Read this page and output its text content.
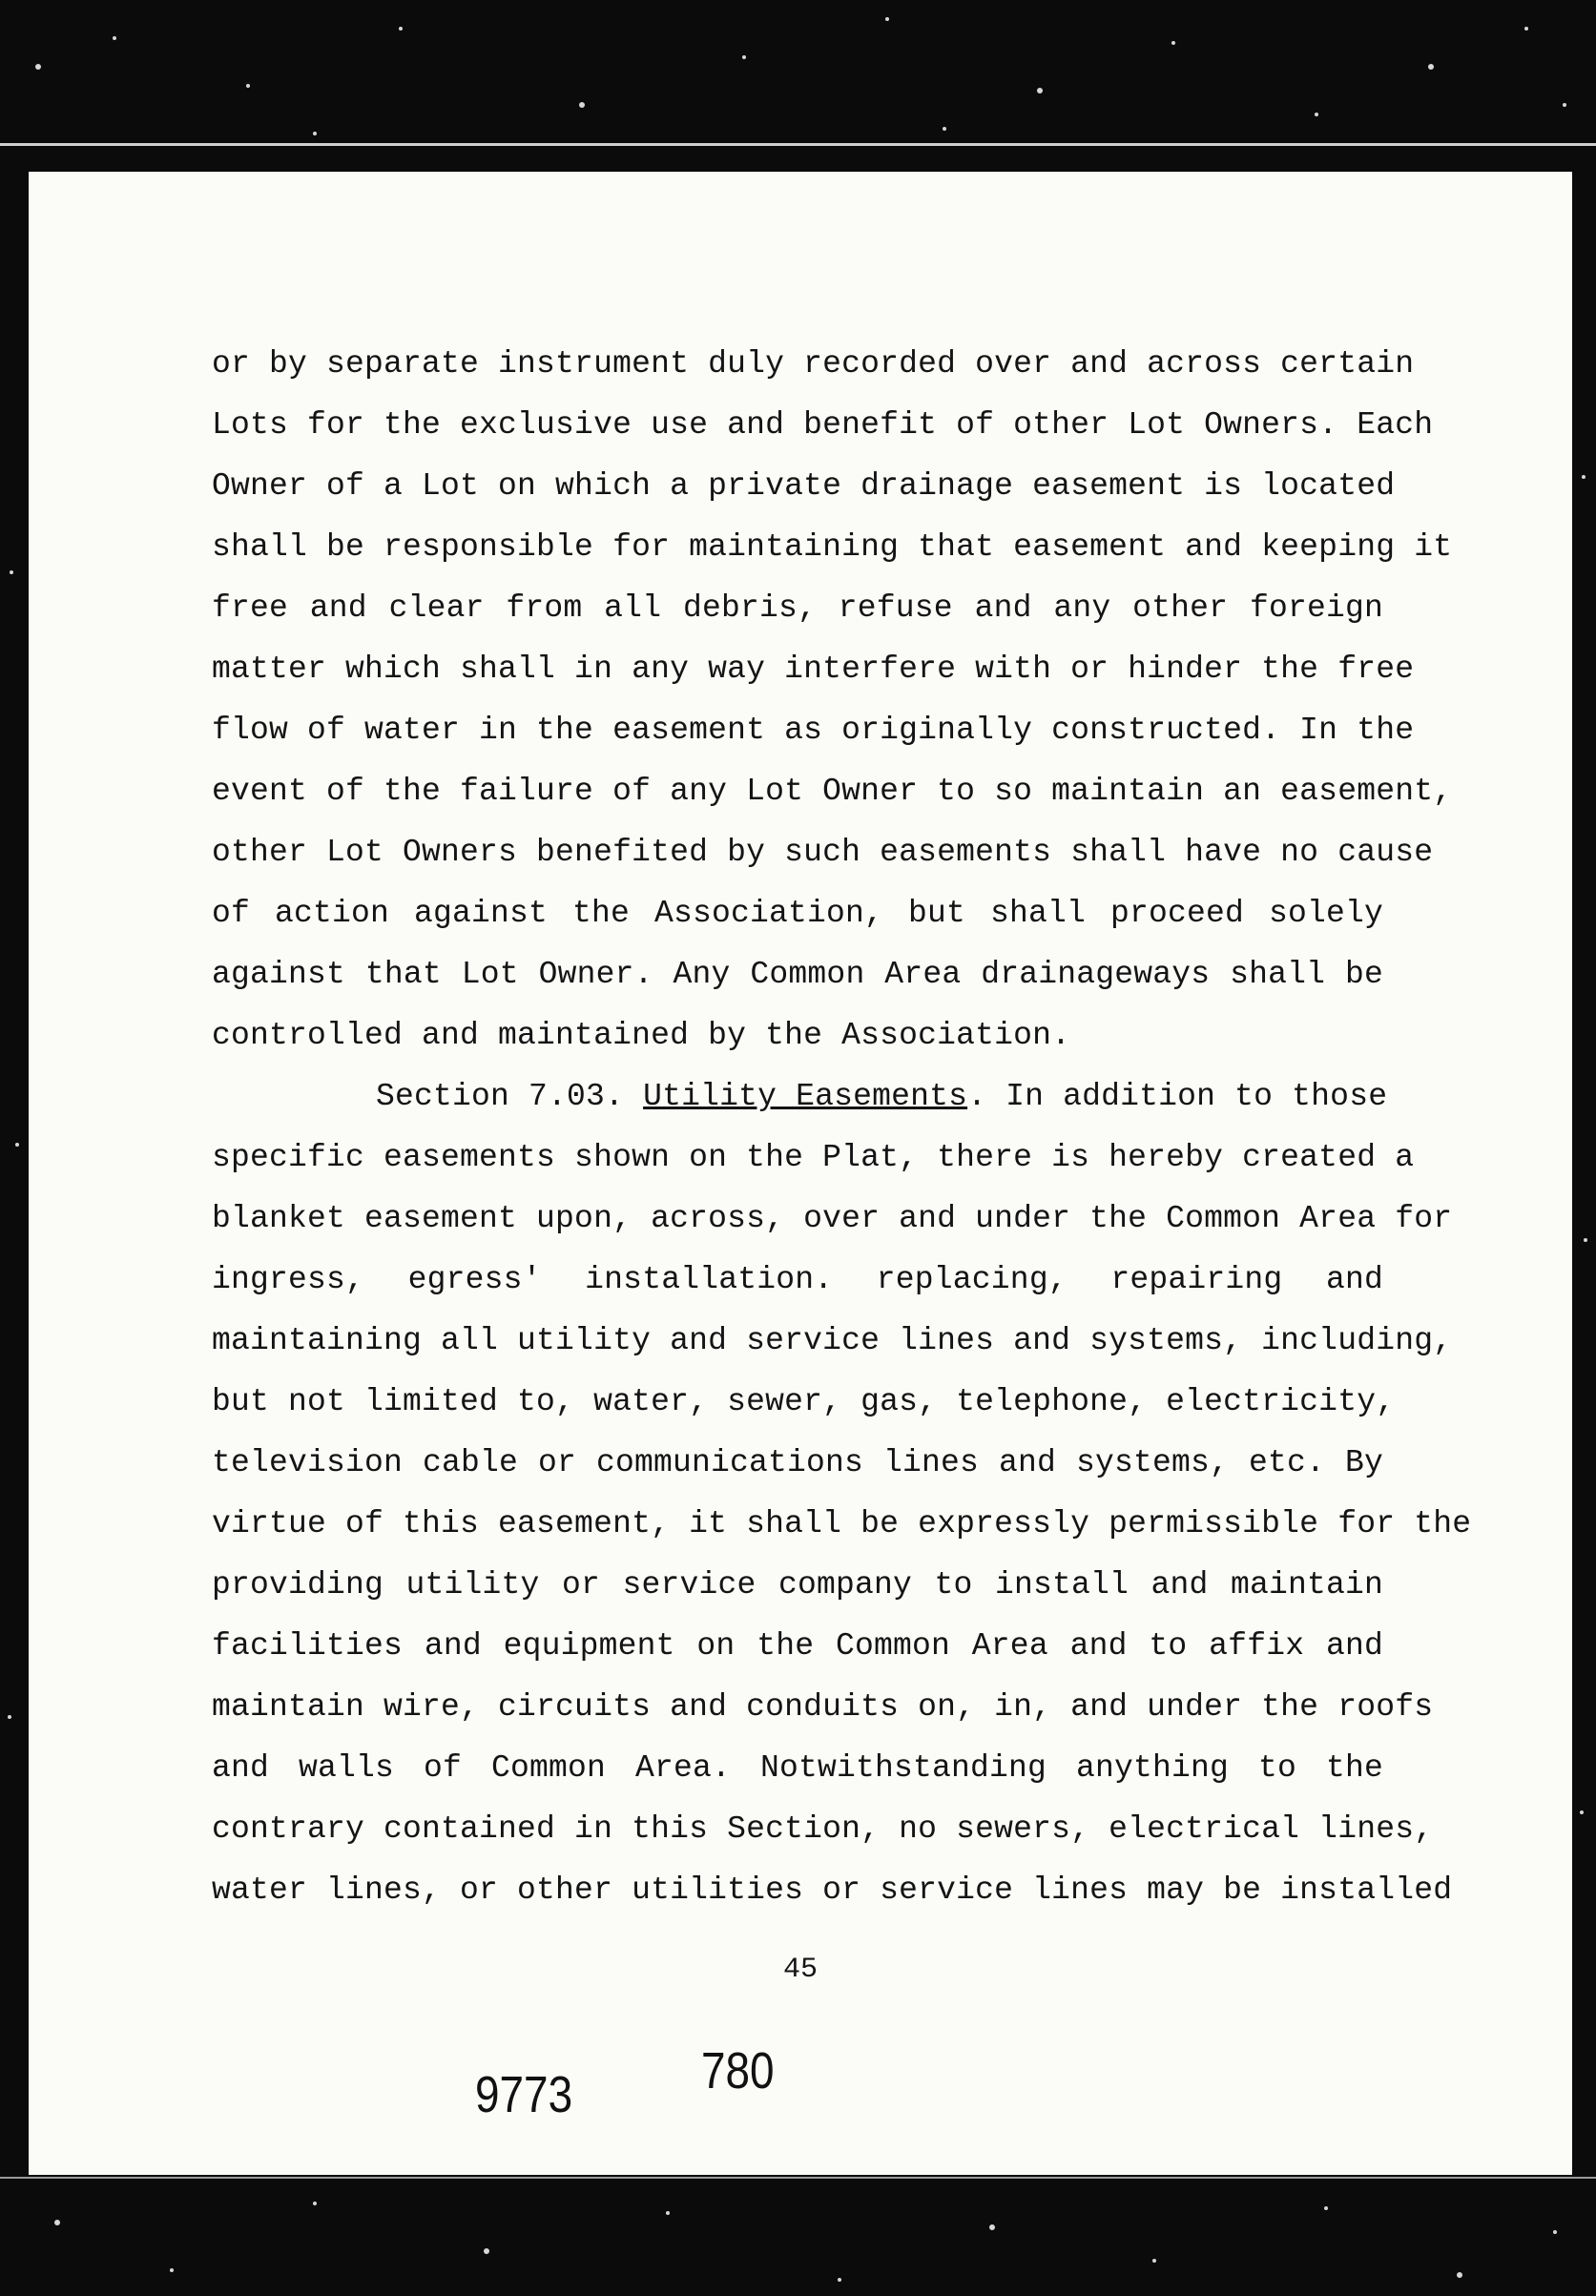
or by separate instrument duly recorded over and across certain
Lots for the exclusive use and benefit of other Lot Owners. Each
Owner of a Lot on which a private drainage easement is located
shall be responsible for maintaining that easement and keeping it
free and clear from all debris, refuse and any other foreign
matter which shall in any way interfere with or hinder the free
flow of water in the easement as originally constructed. In the
event of the failure of any Lot Owner to so maintain an easement,
other Lot Owners benefited by such easements shall have no cause
of action against the Association, but shall proceed solely
against that Lot Owner. Any Common Area drainageways shall be
controlled and maintained by the Association.
Section 7.03. Utility Easements. In addition to those
specific easements shown on the Plat, there is hereby created a
blanket easement upon, across, over and under the Common Area for
ingress, egress' installation. replacing, repairing and
maintaining all utility and service lines and systems, including,
but not limited to, water, sewer, gas, telephone, electricity,
television cable or communications lines and systems, etc. By
virtue of this easement, it shall be expressly permissible for the
providing utility or service company to install and maintain
facilities and equipment on the Common Area and to affix and
maintain wire, circuits and conduits on, in, and under the roofs
and walls of Common Area. Notwithstanding anything to the
contrary contained in this Section, no sewers, electrical lines,
water lines, or other utilities or service lines may be installed
45
9773 780
